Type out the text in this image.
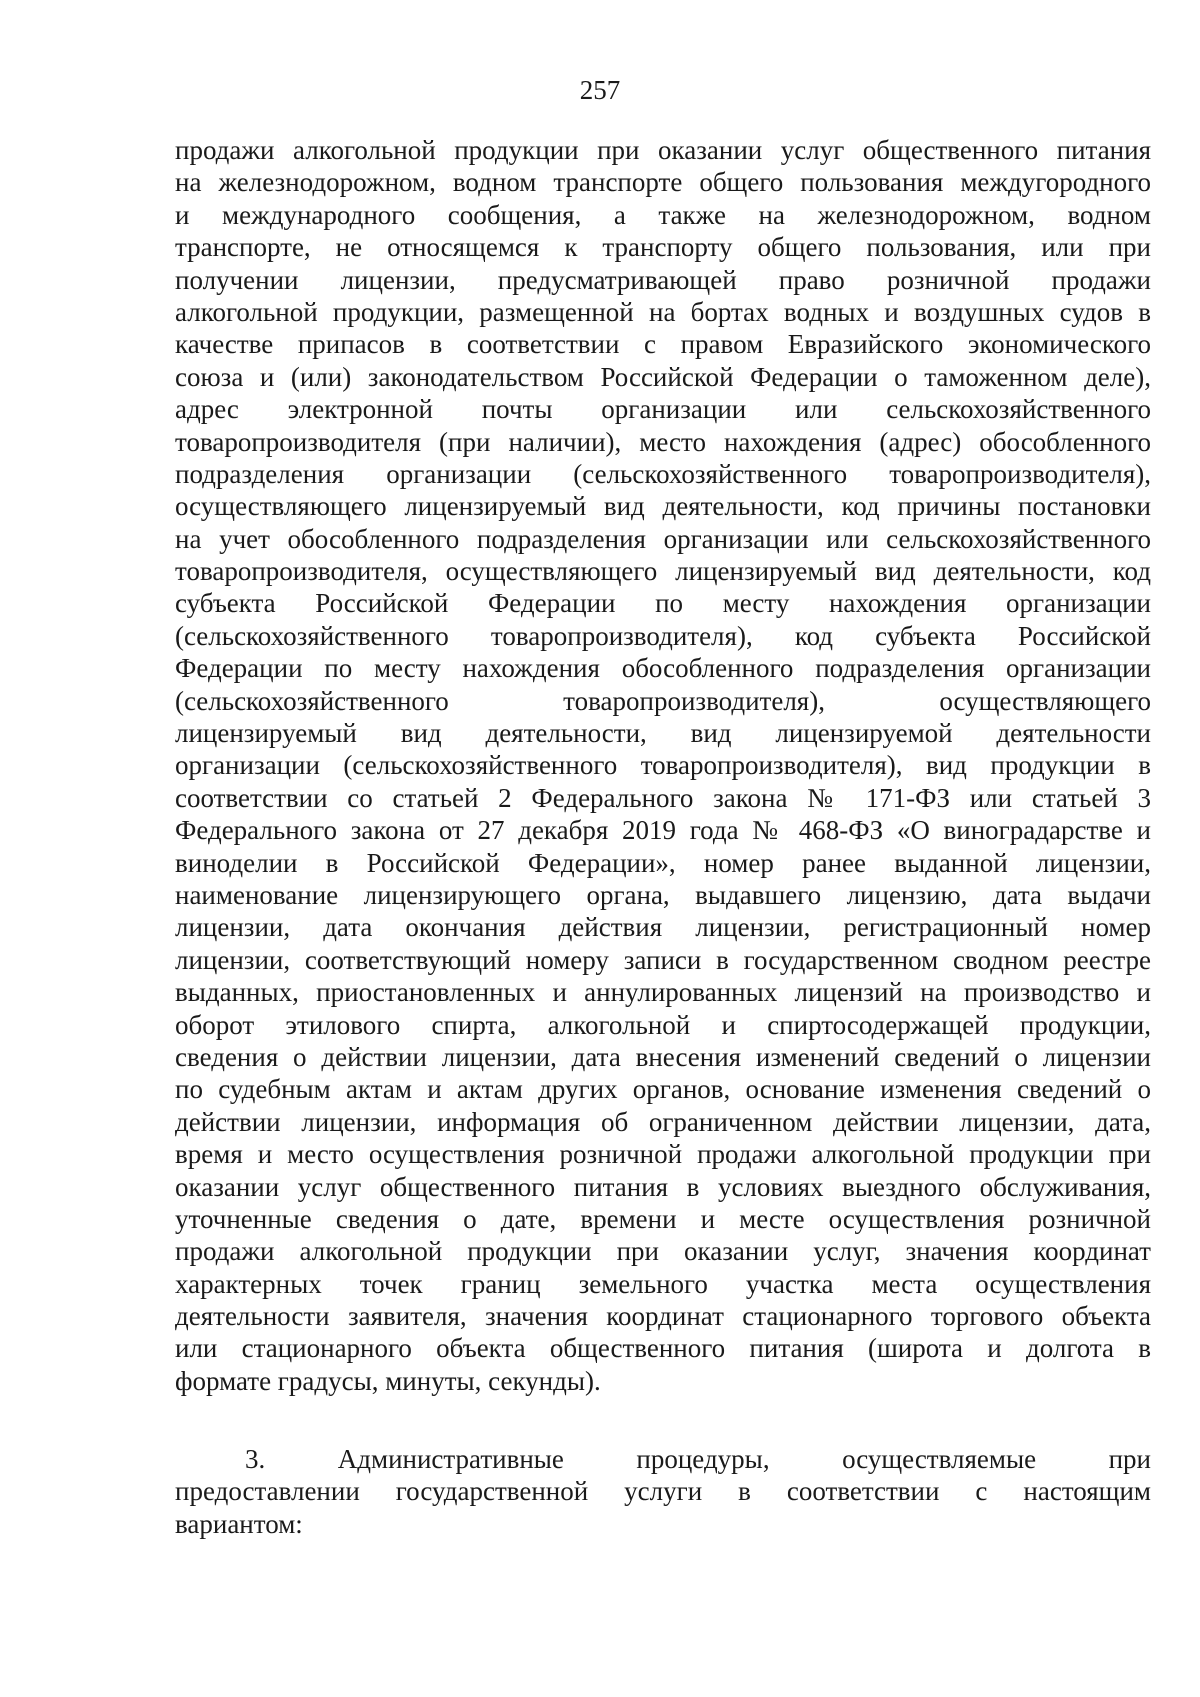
257
продажи алкогольной продукции при оказании услуг общественного питания
на железнодорожном, водном транспорте общего пользования междугородного
и международного сообщения, а также на железнодорожном, водном
транспорте, не относящемся к транспорту общего пользования, или при
получении лицензии, предусматривающей право розничной продажи
алкогольной продукции, размещенной на бортах водных и воздушных судов в
качестве припасов в соответствии с правом Евразийского экономического
союза и (или) законодательством Российской Федерации о таможенном деле),
адрес электронной почты организации или сельскохозяйственного
товаропроизводителя (при наличии), место нахождения (адрес) обособленного
подразделения организации (сельскохозяйственного товаропроизводителя),
осуществляющего лицензируемый вид деятельности, код причины постановки
на учет обособленного подразделения организации или сельскохозяйственного
товаропроизводителя, осуществляющего лицензируемый вид деятельности, код
субъекта Российской Федерации по месту нахождения организации
(сельскохозяйственного товаропроизводителя), код субъекта Российской
Федерации по месту нахождения обособленного подразделения организации
(сельскохозяйственного товаропроизводителя), осуществляющего
лицензируемый вид деятельности, вид лицензируемой деятельности
организации (сельскохозяйственного товаропроизводителя), вид продукции в
соответствии со статьей 2 Федерального закона № 171-ФЗ или статьей 3
Федерального закона от 27 декабря 2019 года № 468-ФЗ «О виноградарстве и
виноделии в Российской Федерации», номер ранее выданной лицензии,
наименование лицензирующего органа, выдавшего лицензию, дата выдачи
лицензии, дата окончания действия лицензии, регистрационный номер
лицензии, соответствующий номеру записи в государственном сводном реестре
выданных, приостановленных и аннулированных лицензий на производство и
оборот этилового спирта, алкогольной и спиртосодержащей продукции,
сведения о действии лицензии, дата внесения изменений сведений о лицензии
по судебным актам и актам других органов, основание изменения сведений о
действии лицензии, информация об ограниченном действии лицензии, дата,
время и место осуществления розничной продажи алкогольной продукции при
оказании услуг общественного питания в условиях выездного обслуживания,
уточненные сведения о дате, времени и месте осуществления розничной
продажи алкогольной продукции при оказании услуг, значения координат
характерных точек границ земельного участка места осуществления
деятельности заявителя, значения координат стационарного торгового объекта
или стационарного объекта общественного питания (широта и долгота в
формате градусы, минуты, секунды).
3. Административные процедуры, осуществляемые при
предоставлении государственной услуги в соответствии с настоящим
вариантом:
